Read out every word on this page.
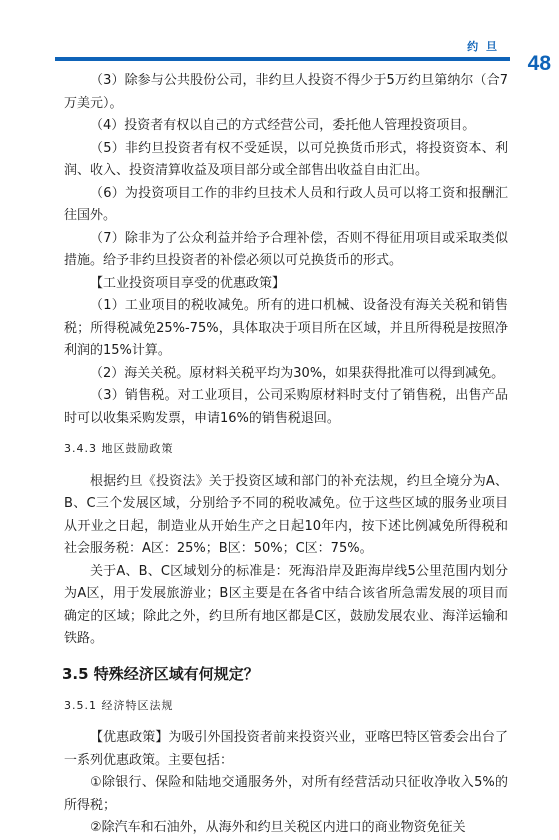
约 旦
48

（3）除参与公共股份公司，非约旦人投资不得少于5万约旦第纳尔（合7万美元）。

（4）投资者有权以自己的方式经营公司，委托他人管理投资项目。

（5）非约旦投资者有权不受延误，以可兑换货币形式，将投资资本、利润、收入、投资清算收益及项目部分或全部售出收益自由汇出。

（6）为投资项目工作的非约旦技术人员和行政人员可以将工资和报酬汇往国外。

（7）除非为了公众利益并给予合理补偿，否则不得征用项目或采取类似措施。给予非约旦投资者的补偿必须以可兑换货币的形式。

【工业投资项目享受的优惠政策】

（1）工业项目的税收减免。所有的进口机械、设备没有海关关税和销售税；所得税减免25%-75%，具体取决于项目所在区域，并且所得税是按照净利润的15%计算。

（2）海关关税。原材料关税平均为30%，如果获得批准可以得到减免。

（3）销售税。对工业项目，公司采购原材料时支付了销售税，出售产品时可以收集采购发票，申请16%的销售税退回。

3.4.3 地区鼓励政策

根据约旦《投资法》关于投资区域和部门的补充法规，约旦全境分为A、B、C三个发展区域，分别给予不同的税收减免。位于这些区域的服务业项目从开业之日起，制造业从开始生产之日起10年内，按下述比例减免所得税和社会服务税：A区：25%；B区：50%；C区：75%。

关于A、B、C区域划分的标准是：死海沿岸及距海岸线5公里范围内划分为A区，用于发展旅游业；B区主要是在各省中结合该省所急需发展的项目而确定的区域；除此之外，约旦所有地区都是C区，鼓励发展农业、海洋运输和铁路。

3.5 特殊经济区域有何规定？

3.5.1 经济特区法规

【优惠政策】为吸引外国投资者前来投资兴业，亚喀巴特区管委会出台了一系列优惠政策。主要包括：

①除银行、保险和陆地交通服务外，对所有经营活动只征收净收入5%的所得税；

②除汽车和石油外，从海外和约旦关税区内进口的商业物资免征关
